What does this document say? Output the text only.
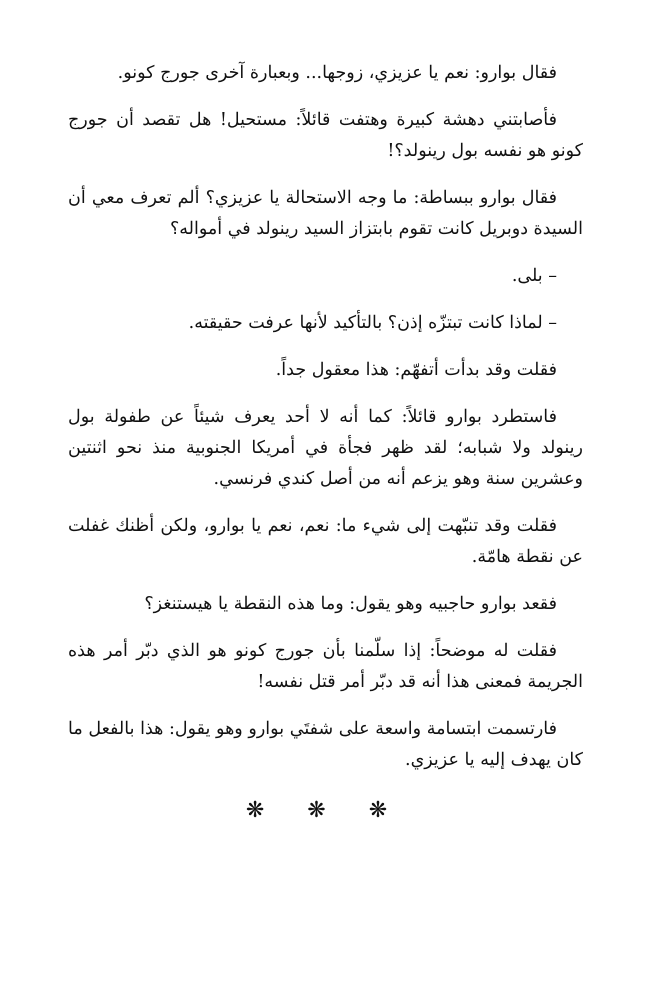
فقال بوارو: نعم يا عزيزي، زوجها... وبعبارة آخرى جورج كونو.

فأصابتني دهشة كبيرة وهتفت قائلاً: مستحيل! هل تقصد أن جورج كونو هو نفسه بول رينولد؟!

فقال بوارو ببساطة: ما وجه الاستحالة يا عزيزي؟ ألم تعرف معي أن السيدة دوبريل كانت تقوم بابتزاز السيد رينولد في أمواله؟

– بلى.

– لماذا كانت تبتزّه إذن؟ بالتأكيد لأنها عرفت حقيقته.

فقلت وقد بدأت أتفهّم: هذا معقول جداً.

فاستطرد بوارو قائلاً: كما أنه لا أحد يعرف شيئاً عن طفولة بول رينولد ولا شبابه؛ لقد ظهر فجأة في أمريكا الجنوبية منذ نحو اثنتين وعشرين سنة وهو يزعم أنه من أصل كندي فرنسي.

فقلت وقد تنبّهت إلى شيء ما: نعم، نعم يا بوارو، ولكن أظنك غفلت عن نقطة هامّة.

فقعد بوارو حاجبيه وهو يقول: وما هذه النقطة يا هيستنغز؟

فقلت له موضحاً: إذا سلّمنا بأن جورج كونو هو الذي دبّر أمر هذه الجريمة فمعنى هذا أنه قد دبّر أمر قتل نفسه!

فارتسمت ابتسامة واسعة على شفتَي بوارو وهو يقول: هذا بالفعل ما كان يهدف إليه يا عزيزي.

❋ ❋ ❋
